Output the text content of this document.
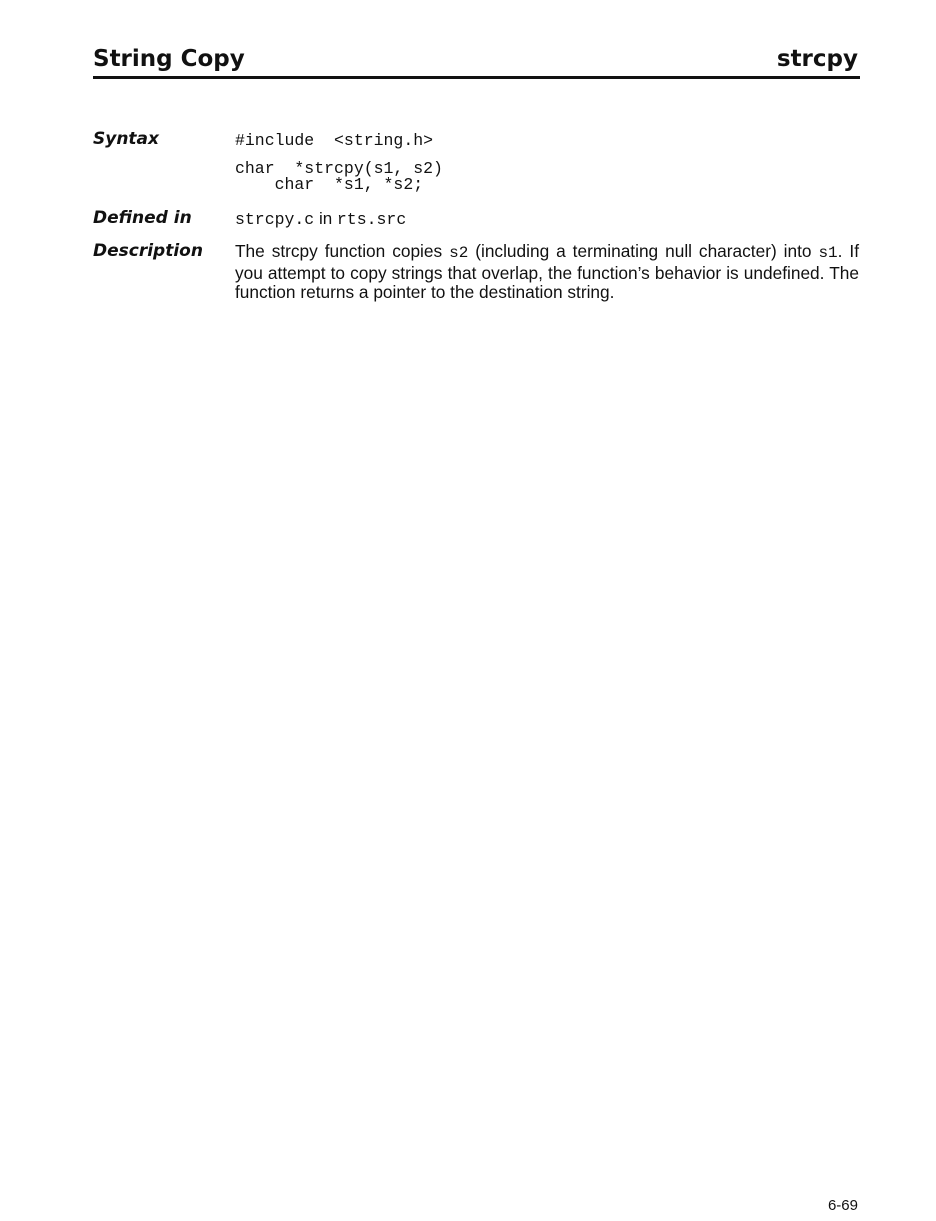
String Copy	strcpy
Syntax	#include  <string.h>
char  *strcpy(s1, s2)
char  *s1, *s2;
Defined in	strcpy.c in rts.src
Description The strcpy function copies s2 (including a terminating null character) into s1. If you attempt to copy strings that overlap, the function’s behavior is undefined. The function returns a pointer to the destination string.
6-69
